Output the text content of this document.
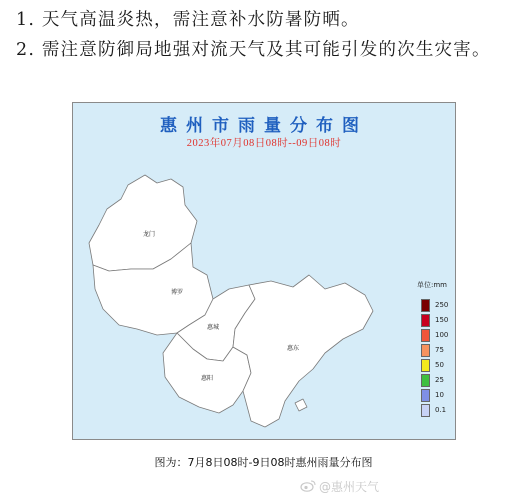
1. 天气高温炎热，需注意补水防暑防晒。
2. 需注意防御局地强对流天气及其可能引发的次生灾害。
惠州市雨量分布图
2023年07月08日08时--09日08时
龙门
博罗
惠城
惠阳
惠东
单位:mm
250
150
100
75
50
25
10
0.1
图为：7月8日08时-9日08时惠州雨量分布图
@惠州天气
